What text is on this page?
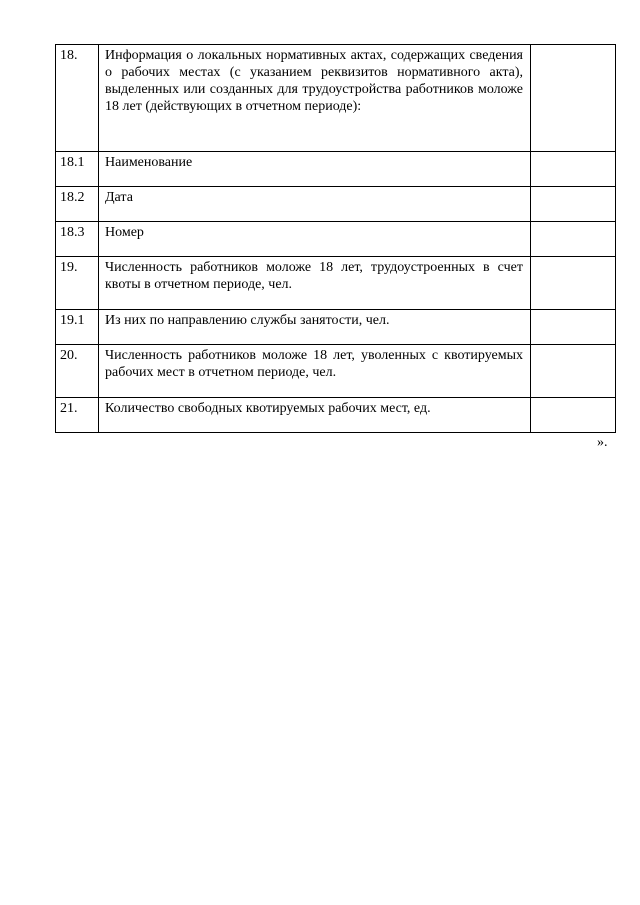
18.	Информация о локальных нормативных актах, содержащих сведения о рабочих местах (с указанием реквизитов нормативного акта), выделенных или созданных для трудоустройства работников моложе 18 лет (действующих в отчетном периоде):	
18.1	Наименование	
18.2	Дата	
18.3	Номер	
19.	Численность работников моложе 18 лет, трудоустроенных в счет квоты в отчетном периоде, чел.	
19.1	Из них по направлению службы занятости, чел.	
20.	Численность работников моложе 18 лет, уволенных с квотируемых рабочих мест в отчетном периоде, чел.	
21.	Количество свободных квотируемых рабочих мест, ед.	
».
